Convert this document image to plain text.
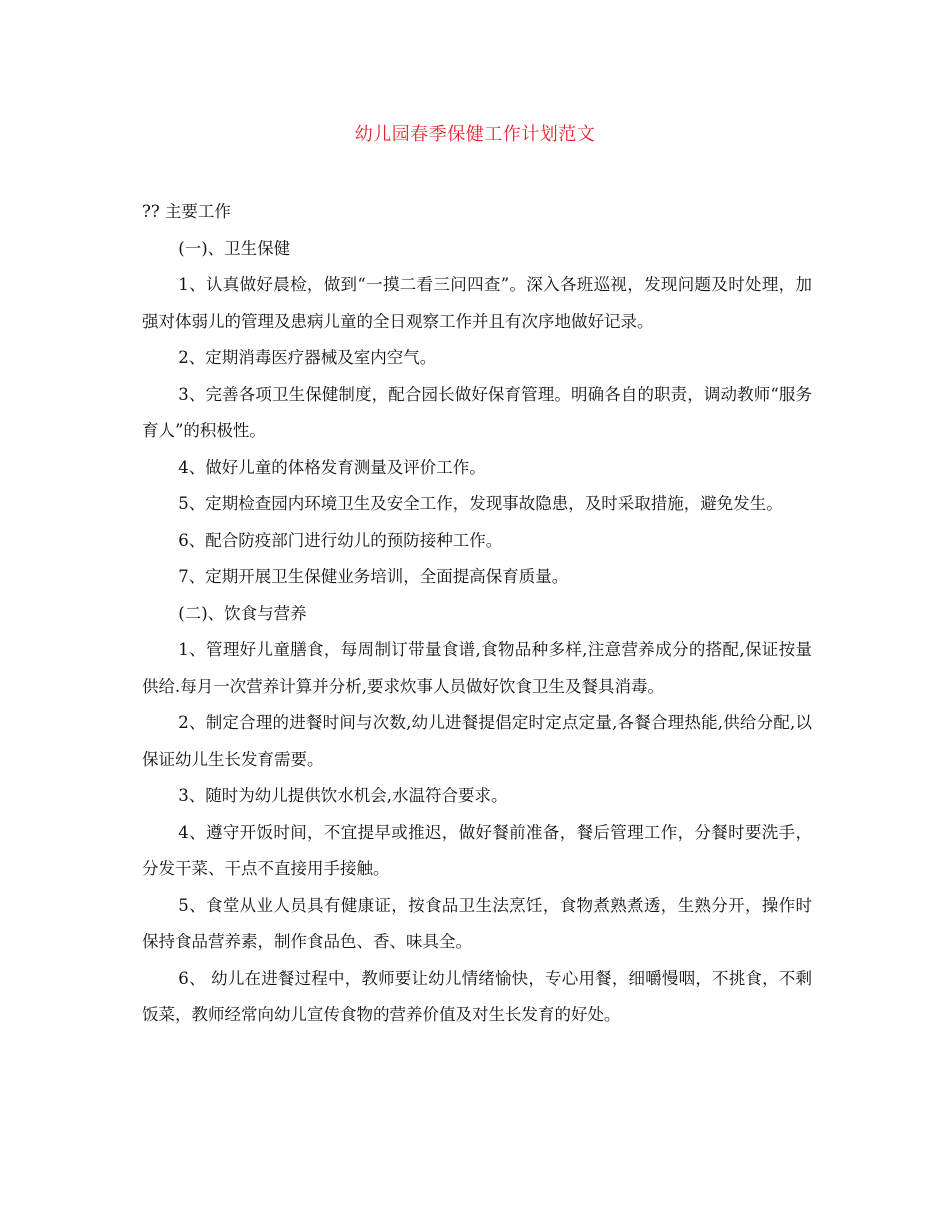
幼儿园春季保健工作计划范文

?? 主要工作

(一)、卫生保健

1、认真做好晨检，做到“一摸二看三问四查”。深入各班巡视，发现问题及时处理，加强对体弱儿的管理及患病儿童的全日观察工作并且有次序地做好记录。

2、定期消毒医疗器械及室内空气。

3、完善各项卫生保健制度，配合园长做好保育管理。明确各自的职责，调动教师“服务育人”的积极性。

4、做好儿童的体格发育测量及评价工作。

5、定期检查园内环境卫生及安全工作，发现事故隐患，及时采取措施，避免发生。

6、配合防疫部门进行幼儿的预防接种工作。

7、定期开展卫生保健业务培训，全面提高保育质量。

(二)、饮食与营养

1、管理好儿童膳食，每周制订带量食谱,食物品种多样,注意营养成分的搭配,保证按量供给.每月一次营养计算并分析,要求炊事人员做好饮食卫生及餐具消毒。

2、制定合理的进餐时间与次数,幼儿进餐提倡定时定点定量,各餐合理热能,供给分配,以保证幼儿生长发育需要。

3、随时为幼儿提供饮水机会,水温符合要求。

4、遵守开饭时间，不宜提早或推迟，做好餐前准备，餐后管理工作，分餐时要洗手，分发干菜、干点不直接用手接触。

5、食堂从业人员具有健康证，按食品卫生法烹饪，食物煮熟煮透，生熟分开，操作时保持食品营养素，制作食品色、香、味具全。

6、 幼儿在进餐过程中，教师要让幼儿情绪愉快，专心用餐，细嚼慢咽，不挑食，不剩饭菜，教师经常向幼儿宣传食物的营养价值及对生长发育的好处。
